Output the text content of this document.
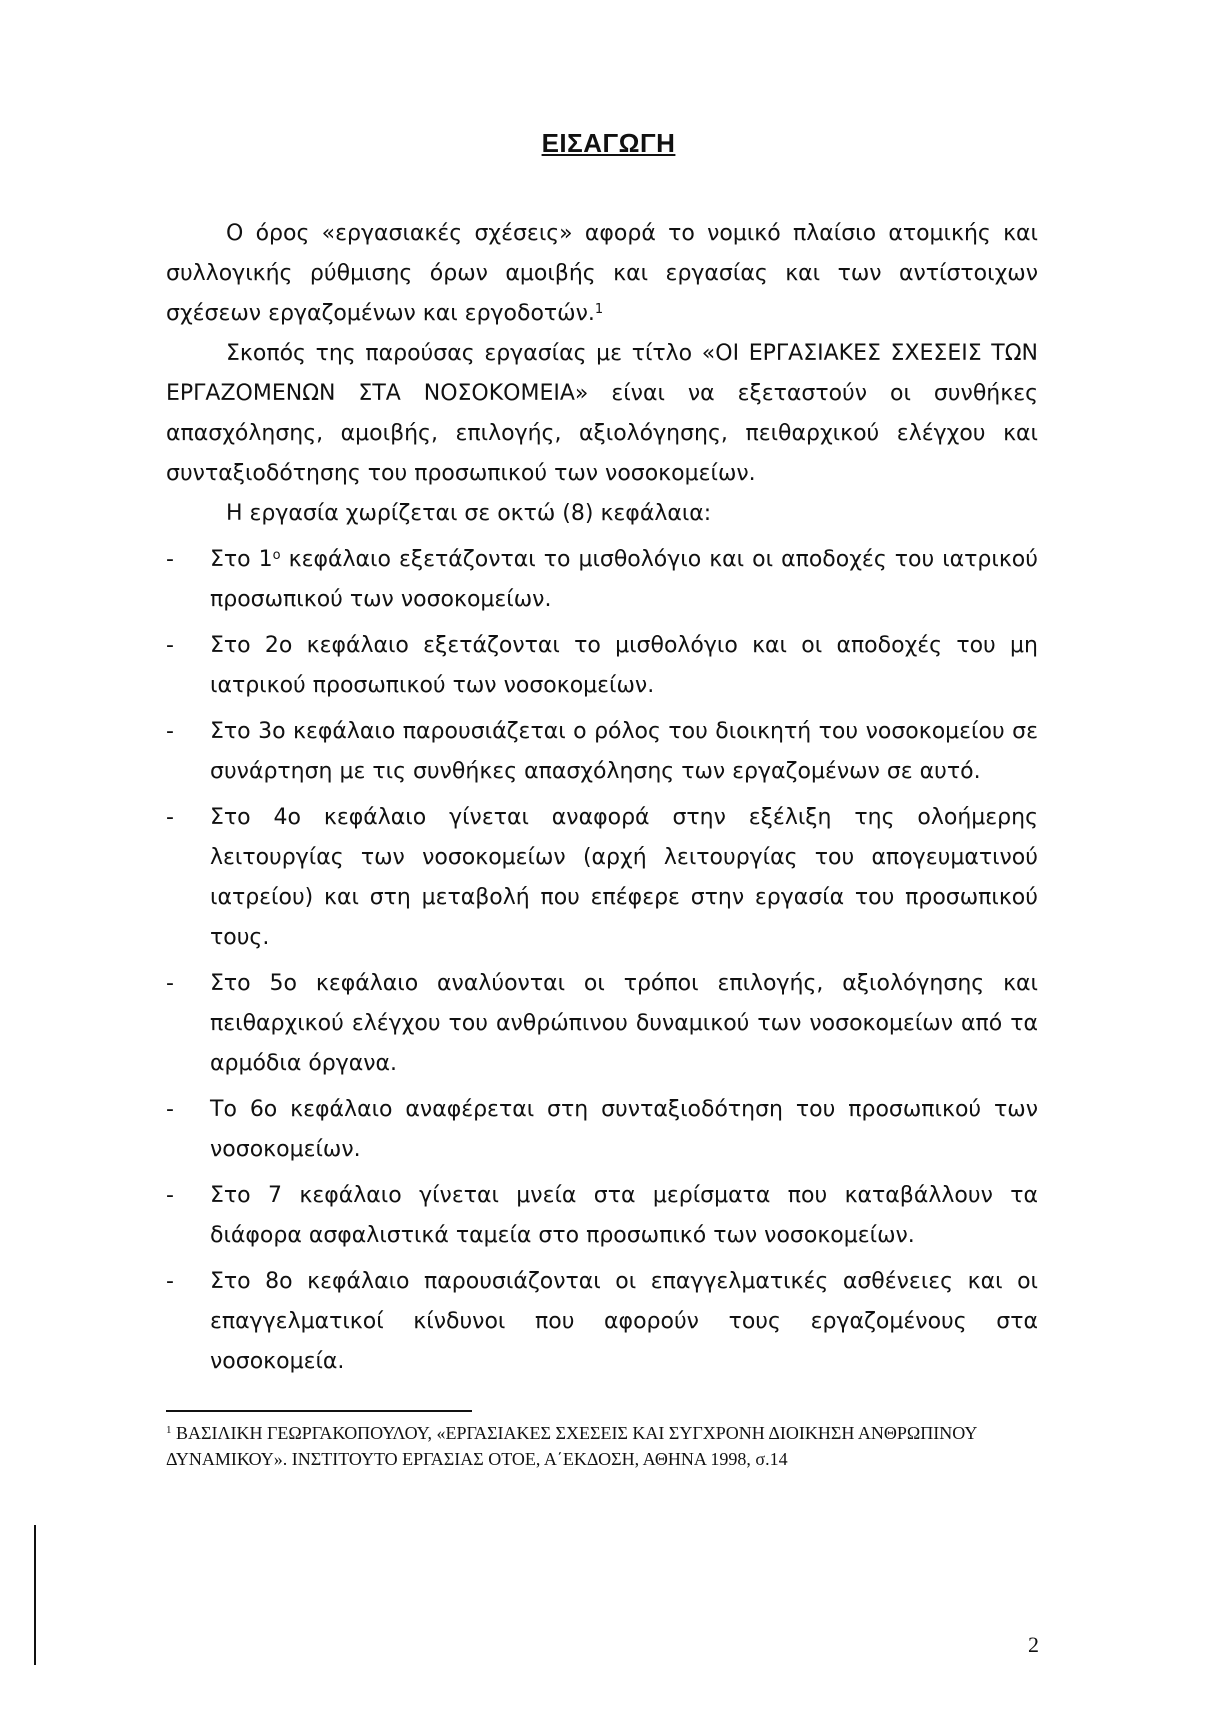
ΕΙΣΑΓΩΓΗ

Ο όρος «εργασιακές σχέσεις» αφορά το νομικό πλαίσιο ατομικής και συλλογικής ρύθμισης όρων αμοιβής και εργασίας και των αντίστοιχων σχέσεων εργαζομένων και εργοδοτών.$^1$

Σκοπός της παρούσας εργασίας με τίτλο «ΟΙ ΕΡΓΑΣΙΑΚΕΣ ΣΧΕΣΕΙΣ ΤΩΝ ΕΡΓΑΖΟΜΕΝΩΝ ΣΤΑ ΝΟΣΟΚΟΜΕΙΑ» είναι να εξεταστούν οι συνθήκες απασχόλησης, αμοιβής, επιλογής, αξιολόγησης, πειθαρχικού ελέγχου και συνταξιοδότησης του προσωπικού των νοσοκομείων.

Η εργασία χωρίζεται σε οκτώ (8) κεφάλαια:

- Στο $1^o$ κεφάλαιο εξετάζονται το μισθολόγιο και οι αποδοχές του ιατρικού προσωπικού των νοσοκομείων.
- Στο 2ο κεφάλαιο εξετάζονται το μισθολόγιο και οι αποδοχές του μη ιατρικού προσωπικού των νοσοκομείων.
- Στο 3ο κεφάλαιο παρουσιάζεται ο ρόλος του διοικητή του νοσοκομείου σε συνάρτηση με τις συνθήκες απασχόλησης των εργαζομένων σε αυτό.
- Στο 4ο κεφάλαιο γίνεται αναφορά στην εξέλιξη της ολοήμερης λειτουργίας των νοσοκομείων (αρχή λειτουργίας του απογευματινού ιατρείου) και στη μεταβολή που επέφερε στην εργασία του προσωπικού τους.
- Στο 5ο κεφάλαιο αναλύονται οι τρόποι επιλογής, αξιολόγησης και πειθαρχικού ελέγχου του ανθρώπινου δυναμικού των νοσοκομείων από τα αρμόδια όργανα.
- Το 6ο κεφάλαιο αναφέρεται στη συνταξιοδότηση του προσωπικού των νοσοκομείων.
- Στο 7 κεφάλαιο γίνεται μνεία στα μερίσματα που καταβάλλουν τα διάφορα ασφαλιστικά ταμεία στο προσωπικό των νοσοκομείων.
- Στο 8ο κεφάλαιο παρουσιάζονται οι επαγγελματικές ασθένειες και οι επαγγελματικοί κίνδυνοι που αφορούν τους εργαζομένους στα νοσοκομεία.
$^1$ ΒΑΣΙΛΙΚΗ ΓΕΩΡΓΑΚΟΠΟΥΛΟΥ, «ΕΡΓΑΣΙΑΚΕΣ ΣΧΕΣΕΙΣ ΚΑΙ ΣΥΓΧΡΟΝΗ ΔΙΟΙΚΗΣΗ ΑΝΘΡΩΠΙΝΟΥ ΔΥΝΑΜΙΚΟΥ». ΙΝΣΤΙΤΟΥΤΟ ΕΡΓΑΣΙΑΣ ΟΤΟΕ, Α΄ΕΚΔΟΣΗ, ΑΘΗΝΑ 1998, σ.14
2
